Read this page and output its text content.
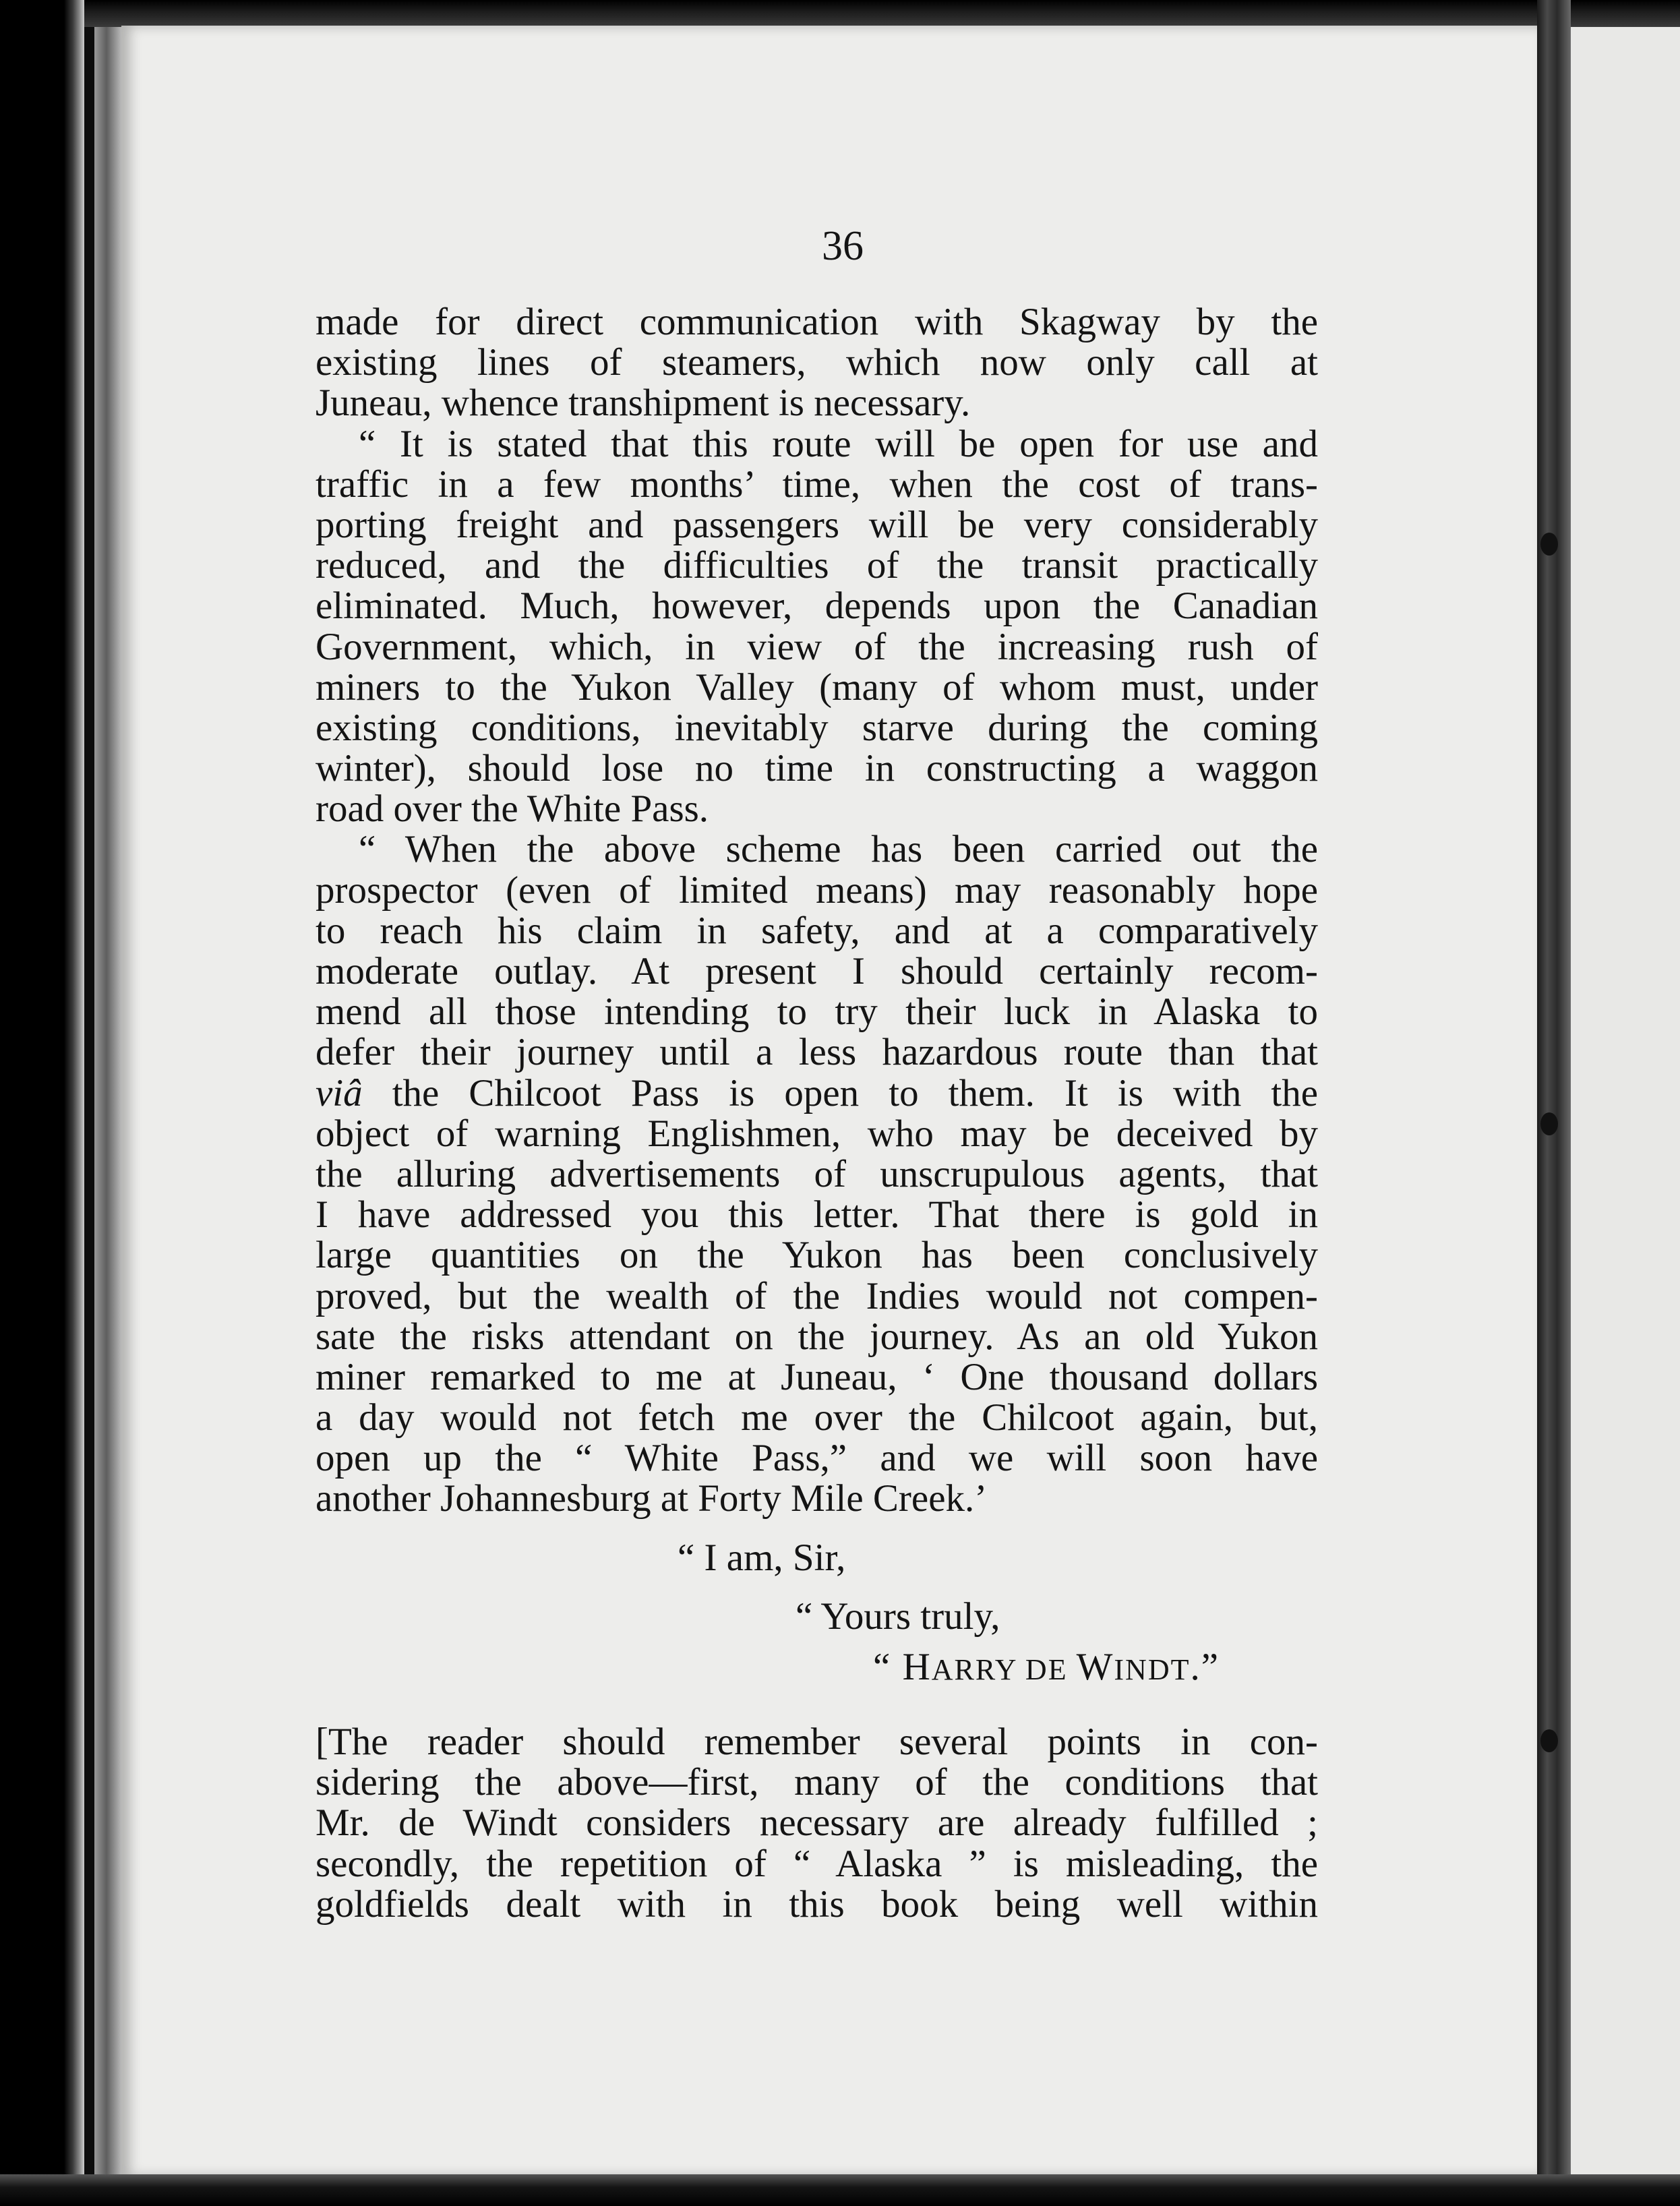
36
made for direct communication with Skagway by the
existing lines of steamers, which now only call at
Juneau, whence transhipment is necessary.
“ It is stated that this route will be open for use and
traffic in a few months’ time, when the cost of trans-
porting freight and passengers will be very considerably
reduced, and the difficulties of the transit practically
eliminated. Much, however, depends upon the Canadian
Government, which, in view of the increasing rush of
miners to the Yukon Valley (many of whom must, under
existing conditions, inevitably starve during the coming
winter), should lose no time in constructing a waggon
road over the White Pass.
“ When the above scheme has been carried out the
prospector (even of limited means) may reasonably hope
to reach his claim in safety, and at a comparatively
moderate outlay. At present I should certainly recom-
mend all those intending to try their luck in Alaska to
defer their journey until a less hazardous route than that
viâ the Chilcoot Pass is open to them. It is with the
object of warning Englishmen, who may be deceived by
the alluring advertisements of unscrupulous agents, that
I have addressed you this letter. That there is gold in
large quantities on the Yukon has been conclusively
proved, but the wealth of the Indies would not compen-
sate the risks attendant on the journey. As an old Yukon
miner remarked to me at Juneau, ‘ One thousand dollars
a day would not fetch me over the Chilcoot again, but,
open up the “ White Pass,” and we will soon have
another Johannesburg at Forty Mile Creek.’
“ I am, Sir,
“ Yours truly,
“ HARRY DE WINDT.”
[The reader should remember several points in con-
sidering the above—first, many of the conditions that
Mr. de Windt considers necessary are already fulfilled ;
secondly, the repetition of “ Alaska ” is misleading, the
goldfields dealt with in this book being well within
